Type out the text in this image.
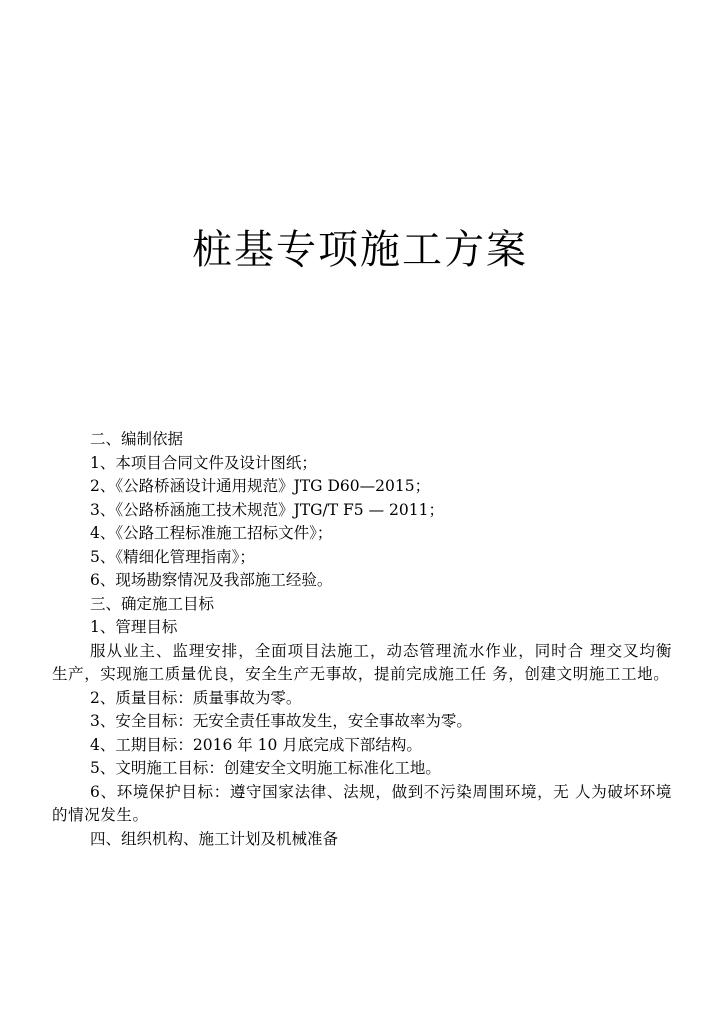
桩基专项施工方案

二、编制依据

1、本项目合同文件及设计图纸；

2、《公路桥涵设计通用规范》JTG D60—2015；

3、《公路桥涵施工技术规范》JTG/T F5 — 2011；

4、《公路工程标准施工招标文件》；

5、《精细化管理指南》；

6、现场勘察情况及我部施工经验。

三、确定施工目标

1、管理目标

服从业主、监理安排，全面项目法施工，动态管理流水作业，同时合 理交叉均衡生产，实现施工质量优良，安全生产无事故，提前完成施工任 务，创建文明施工工地。

2、质量目标：质量事故为零。

3、安全目标：无安全责任事故发生，安全事故率为零。

4、工期目标：2016 年 10 月底完成下部结构。

5、文明施工目标：创建安全文明施工标准化工地。

6、环境保护目标：遵守国家法律、法规，做到不污染周围环境，无 人为破坏环境的情况发生。

四、组织机构、施工计划及机械准备
